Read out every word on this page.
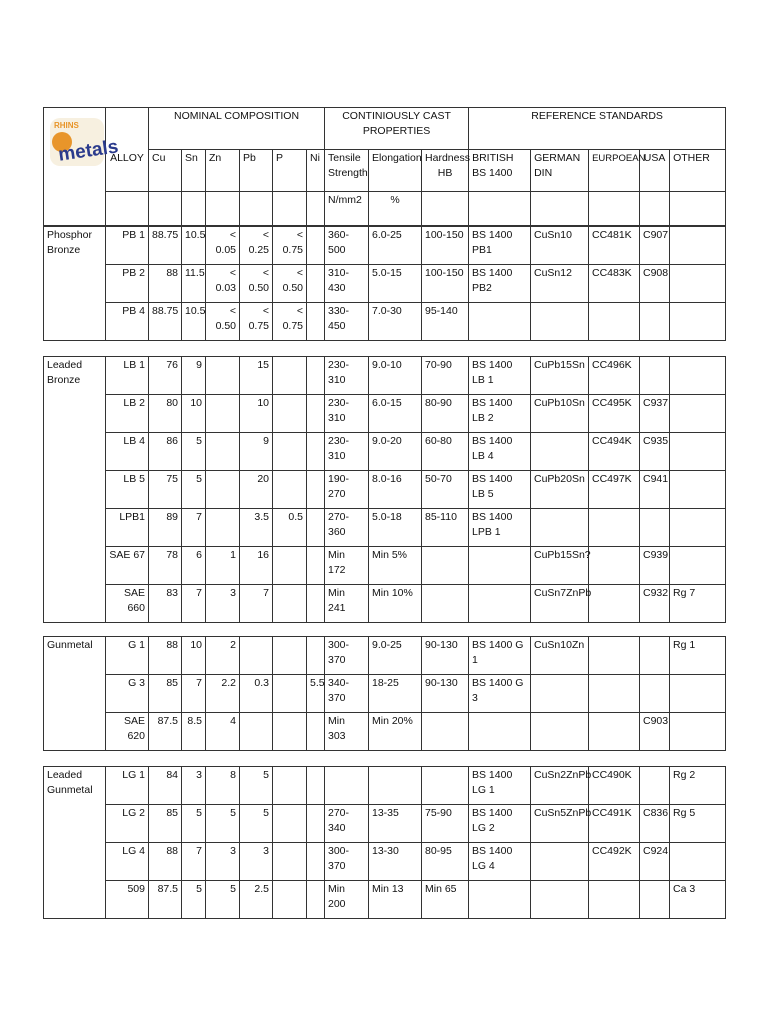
RHINS
metals		NOMINAL COMPOSITION						CONTINIOUSLY CAST PROPERTIES			REFERENCE STANDARDS				
	ALLOY	Cu	Sn	Zn	Pb	P	Ni	Tensile Strength	Elongation	Hardness HB	BRITISH BS 1400	GERMAN DIN	EURPOEAN	USA	OTHER
								N/mm2	%						
Phosphor Bronze	PB 1	88.75	10.5	< 0.05	< 0.25	< 0.75		360-500	6.0-25	100-150	BS 1400 PB1	CuSn10	CC481K	C907	
	PB 2	88	11.5	< 0.03	< 0.50	< 0.50		310-430	5.0-15	100-150	BS 1400 PB2	CuSn12	CC483K	C908	
	PB 4	88.75	10.5	< 0.50	< 0.75	< 0.75		330-450	7.0-30	95-140					
Leaded Bronze	LB 1	76	9		15			230-310	9.0-10	70-90	BS 1400 LB 1	CuPb15Sn	CC496K		
	LB 2	80	10		10			230-310	6.0-15	80-90	BS 1400 LB 2	CuPb10Sn	CC495K	C937	
	LB 4	86	5		9			230-310	9.0-20	60-80	BS 1400 LB 4		CC494K	C935	
	LB 5	75	5		20			190-270	8.0-16	50-70	BS 1400 LB 5	CuPb20Sn	CC497K	C941	
	LPB1	89	7		3.5	0.5		270-360	5.0-18	85-110	BS 1400 LPB 1				
	SAE 67	78	6	1	16			Min 172	Min 5%			CuPb15Sn?		C939	
	SAE 660	83	7	3	7			Min 241	Min 10%			CuSn7ZnPb		C932	Rg 7
Gunmetal	G 1	88	10	2				300-370	9.0-25	90-130	BS 1400 G 1	CuSn10Zn			Rg 1
	G 3	85	7	2.2	0.3		5.5	340-370	18-25	90-130	BS 1400 G 3				
	SAE 620	87.5	8.5	4				Min 303	Min 20%					C903	
Leaded Gunmetal	LG 1	84	3	8	5						BS 1400 LG 1	CuSn2ZnPb	CC490K		Rg 2
	LG 2	85	5	5	5			270-340	13-35	75-90	BS 1400 LG 2	CuSn5ZnPb	CC491K	C836	Rg 5
	LG 4	88	7	3	3			300-370	13-30	80-95	BS 1400 LG 4		CC492K	C924	
	509	87.5	5	5	2.5			Min 200	Min 13	Min 65					Ca 3
